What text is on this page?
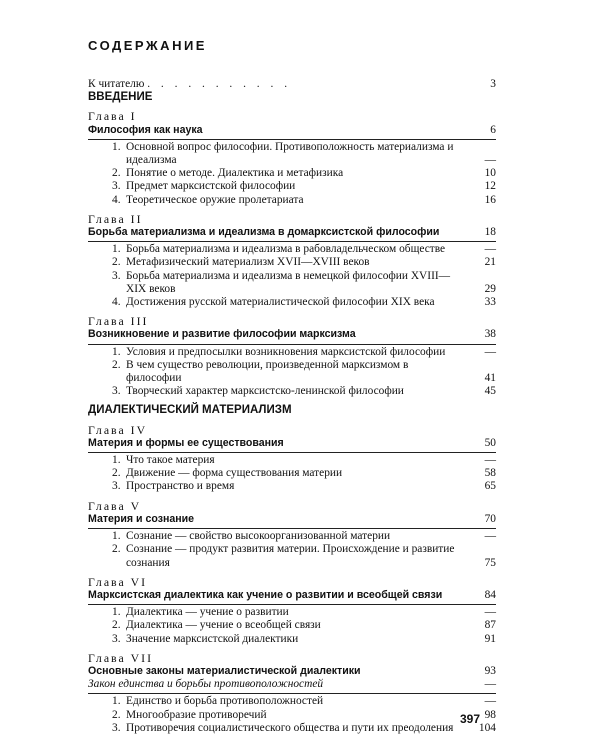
СОДЕРЖАНИЕ
К читателю . . . . . . . . . . .	3
ВВЕДЕНИЕ
Глава I
Философия как наука	6
1. Основной вопрос философии. Противоположность материализма и идеализма	—
2. Понятие о методе. Диалектика и метафизика	10
3. Предмет марксистской философии	12
4. Теоретическое оружие пролетариата	16
Глава II
Борьба материализма и идеализма в домарксистской философии	18
1. Борьба материализма и идеализма в рабовладельческом обществе	—
2. Метафизический материализм XVII—XVIII веков	21
3. Борьба материализма и идеализма в немецкой философии XVIII—XIX веков	29
4. Достижения русской материалистической философии XIX века	33
Глава III
Возникновение и развитие философии марксизма	38
1. Условия и предпосылки возникновения марксистской философии	—
2. В чем существо революции, произведенной марксизмом в философии	41
3. Творческий характер марксистско-ленинской философии	45
ДИАЛЕКТИЧЕСКИЙ МАТЕРИАЛИЗМ
Глава IV
Материя и формы ее существования	50
1. Что такое материя	—
2. Движение — форма существования материи	58
3. Пространство и время	65
Глава V
Материя и сознание	70
1. Сознание — свойство высокоорганизованной материи	—
2. Сознание — продукт развития материи. Происхождение и развитие сознания	75
Глава VI
Марксистская диалектика как учение о развитии и всеобщей связи	84
1. Диалектика — учение о развитии	—
2. Диалектика — учение о всеобщей связи	87
3. Значение марксистской диалектики	91
Глава VII
Основные законы материалистической диалектики	93
Закон единства и борьбы противоположностей	—
1. Единство и борьба противоположностей	—
2. Многообразие противоречий	98
3. Противоречия социалистического общества и пути их преодоления	104
397
